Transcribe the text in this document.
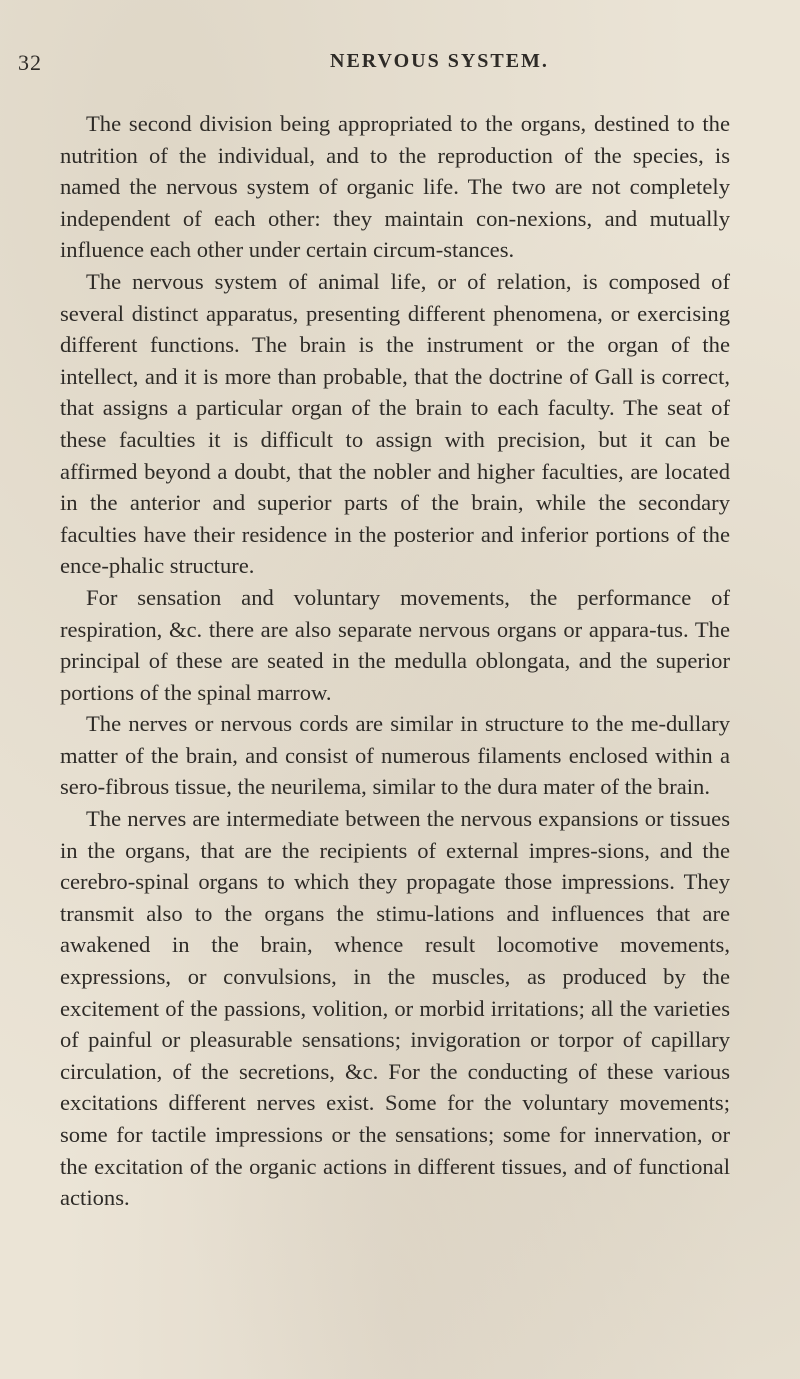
32	NERVOUS SYSTEM.

The second division being appropriated to the organs, destined to the nutrition of the individual, and to the reproduction of the species, is named the nervous system of organic life. The two are not completely independent of each other: they maintain con-nexions, and mutually influence each other under certain circum-stances.

The nervous system of animal life, or of relation, is composed of several distinct apparatus, presenting different phenomena, or exercising different functions. The brain is the instrument or the organ of the intellect, and it is more than probable, that the doctrine of Gall is correct, that assigns a particular organ of the brain to each faculty. The seat of these faculties it is difficult to assign with precision, but it can be affirmed beyond a doubt, that the nobler and higher faculties, are located in the anterior and superior parts of the brain, while the secondary faculties have their residence in the posterior and inferior portions of the ence-phalic structure.

For sensation and voluntary movements, the performance of respiration, &c. there are also separate nervous organs or appara-tus. The principal of these are seated in the medulla oblongata, and the superior portions of the spinal marrow.

The nerves or nervous cords are similar in structure to the me-dullary matter of the brain, and consist of numerous filaments enclosed within a sero-fibrous tissue, the neurilema, similar to the dura mater of the brain.

The nerves are intermediate between the nervous expansions or tissues in the organs, that are the recipients of external impres-sions, and the cerebro-spinal organs to which they propagate those impressions. They transmit also to the organs the stimu-lations and influences that are awakened in the brain, whence result locomotive movements, expressions, or convulsions, in the muscles, as produced by the excitement of the passions, volition, or morbid irritations; all the varieties of painful or pleasurable sensations; invigoration or torpor of capillary circulation, of the secretions, &c. For the conducting of these various excitations different nerves exist. Some for the voluntary movements; some for tactile impressions or the sensations; some for innervation, or the excitation of the organic actions in different tissues, and of functional actions.
